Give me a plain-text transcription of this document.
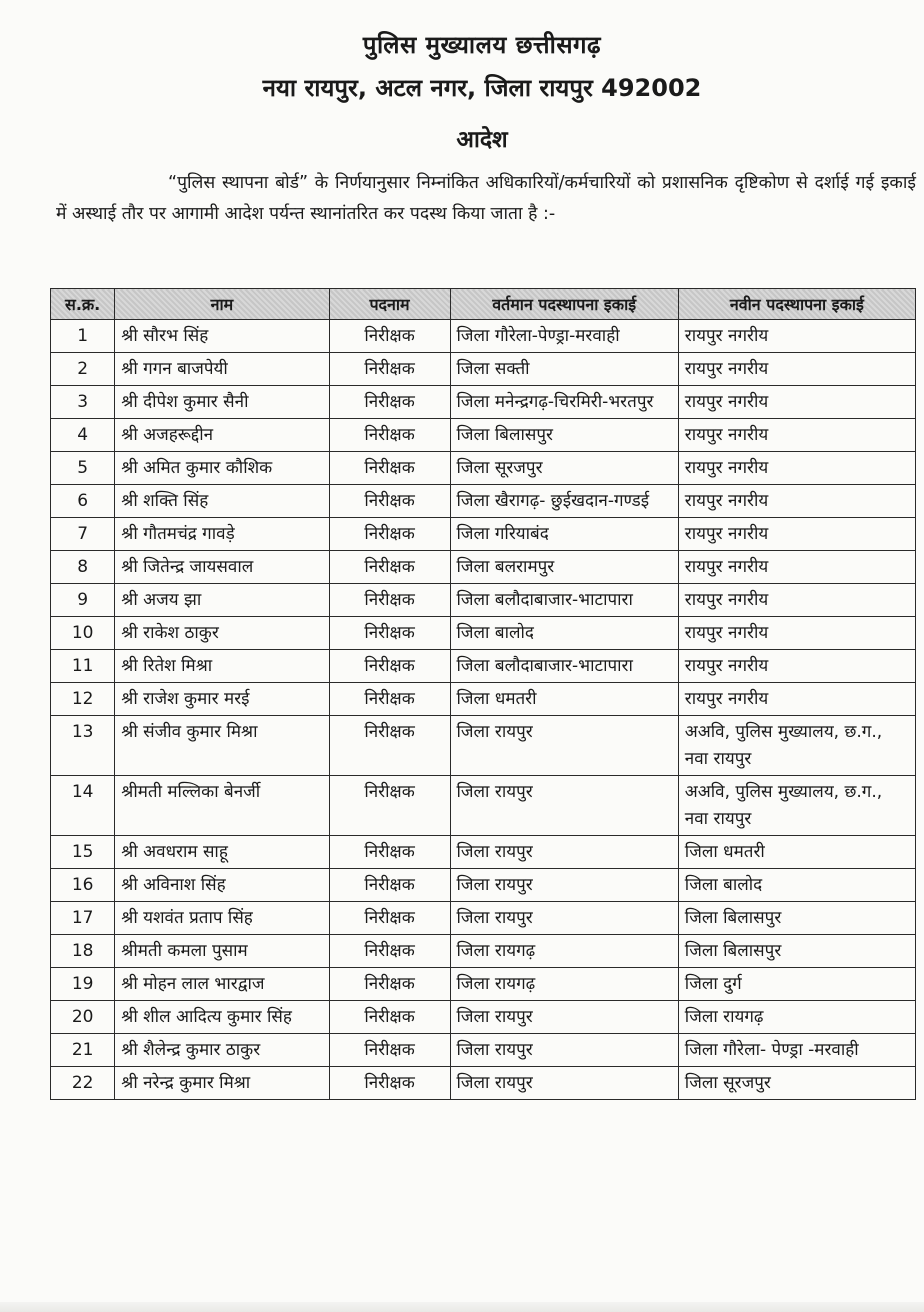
पुलिस मुख्यालय छत्तीसगढ़
नया रायपुर, अटल नगर, जिला रायपुर 492002
आदेश
“पुलिस स्थापना बोर्ड” के निर्णयानुसार निम्नांकित अधिकारियों/कर्मचारियों को प्रशासनिक दृष्टिकोण से दर्शाई गई इकाई में अस्थाई तौर पर आगामी आदेश पर्यन्त स्थानांतरित कर पदस्थ किया जाता है :-
स.क्र.	नाम	पदनाम	वर्तमान पदस्थापना इकाई	नवीन पदस्थापना इकाई
1	श्री सौरभ सिंह	निरीक्षक	जिला गौरेला-पेण्ड्रा-मरवाही	रायपुर नगरीय
2	श्री गगन बाजपेयी	निरीक्षक	जिला सक्ती	रायपुर नगरीय
3	श्री दीपेश कुमार सैनी	निरीक्षक	जिला मनेन्द्रगढ़-चिरमिरी-भरतपुर	रायपुर नगरीय
4	श्री अजहरूद्दीन	निरीक्षक	जिला बिलासपुर	रायपुर नगरीय
5	श्री अमित कुमार कौशिक	निरीक्षक	जिला सूरजपुर	रायपुर नगरीय
6	श्री शक्ति सिंह	निरीक्षक	जिला खैरागढ़- छुईखदान-गण्डई	रायपुर नगरीय
7	श्री गौतमचंद्र गावड़े	निरीक्षक	जिला गरियाबंद	रायपुर नगरीय
8	श्री जितेन्द्र जायसवाल	निरीक्षक	जिला बलरामपुर	रायपुर नगरीय
9	श्री अजय झा	निरीक्षक	जिला बलौदाबाजार-भाटापारा	रायपुर नगरीय
10	श्री राकेश ठाकुर	निरीक्षक	जिला बालोद	रायपुर नगरीय
11	श्री रितेश मिश्रा	निरीक्षक	जिला बलौदाबाजार-भाटापारा	रायपुर नगरीय
12	श्री राजेश कुमार मरई	निरीक्षक	जिला धमतरी	रायपुर नगरीय
13	श्री संजीव कुमार मिश्रा	निरीक्षक	जिला रायपुर	अअवि, पुलिस मुख्यालय, छ.ग., नवा रायपुर
14	श्रीमती मल्लिका बेनर्जी	निरीक्षक	जिला रायपुर	अअवि, पुलिस मुख्यालय, छ.ग., नवा रायपुर
15	श्री अवधराम साहू	निरीक्षक	जिला रायपुर	जिला धमतरी
16	श्री अविनाश सिंह	निरीक्षक	जिला रायपुर	जिला बालोद
17	श्री यशवंत प्रताप सिंह	निरीक्षक	जिला रायपुर	जिला बिलासपुर
18	श्रीमती कमला पुसाम	निरीक्षक	जिला रायगढ़	जिला बिलासपुर
19	श्री मोहन लाल भारद्वाज	निरीक्षक	जिला रायगढ़	जिला दुर्ग
20	श्री शील आदित्य कुमार सिंह	निरीक्षक	जिला रायपुर	जिला रायगढ़
21	श्री शैलेन्द्र कुमार ठाकुर	निरीक्षक	जिला रायपुर	जिला गौरेला- पेण्ड्रा -मरवाही
22	श्री नरेन्द्र कुमार मिश्रा	निरीक्षक	जिला रायपुर	जिला सूरजपुर
